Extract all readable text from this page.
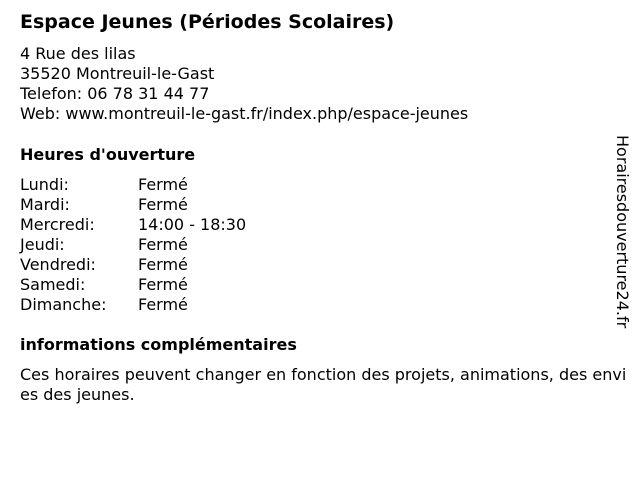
Espace Jeunes (Périodes Scolaires)
4 Rue des lilas
35520 Montreuil-le-Gast
Telefon: 06 78 31 44 77
Web: www.montreuil-le-gast.fr/index.php/espace-jeunes
Heures d'ouverture
Lundi:	Fermé
Mardi:	Fermé
Mercredi:	14:00 - 18:30
Jeudi:	Fermé
Vendredi:	Fermé
Samedi:	Fermé
Dimanche:	Fermé
informations complémentaires
Ces horaires peuvent changer en fonction des projets, animations, des envies des jeunes.
Horairesdouverture24.fr
